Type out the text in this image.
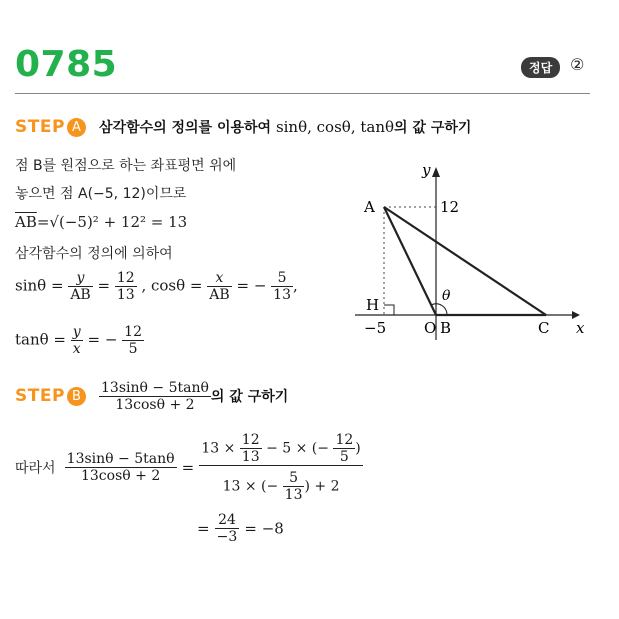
0785	정답	②
STEP A 삼각함수의 정의를 이용하여 sinθ, cosθ, tanθ의 값 구하기
점 B를 원점으로 하는 좌표평면 위에
놓으면 점 A(−5, 12)이므로
$\overline{AB}=√(-5)^2 + 12^2 = 13$
삼각함수의 정의에 의하여
$\sin\theta = \frac{y}{AB} = \frac{12}{13}$ , $\cos\theta = \frac{x}{AB}$ = − $\frac{5}{13}$ ,
$\tan\theta = \frac{y}{x}$ = − $\frac{12}{5}$
y
x
θ
A
B	C
O
H
−5
12
STEP B $\frac{13\sin\theta - 5\tan\theta}{13\cos\theta + 2}$ 의 값 구하기
따라서 $\frac{13\sin\theta - 5\tan\theta}{13\cos\theta + 2} = \frac{13 \times \frac{12}{13} - 5 \times (- \frac{12}{5} )}{13 \times (- \frac{5}{13} ) + 2}$
= $\frac{24}{-3} = -8$
